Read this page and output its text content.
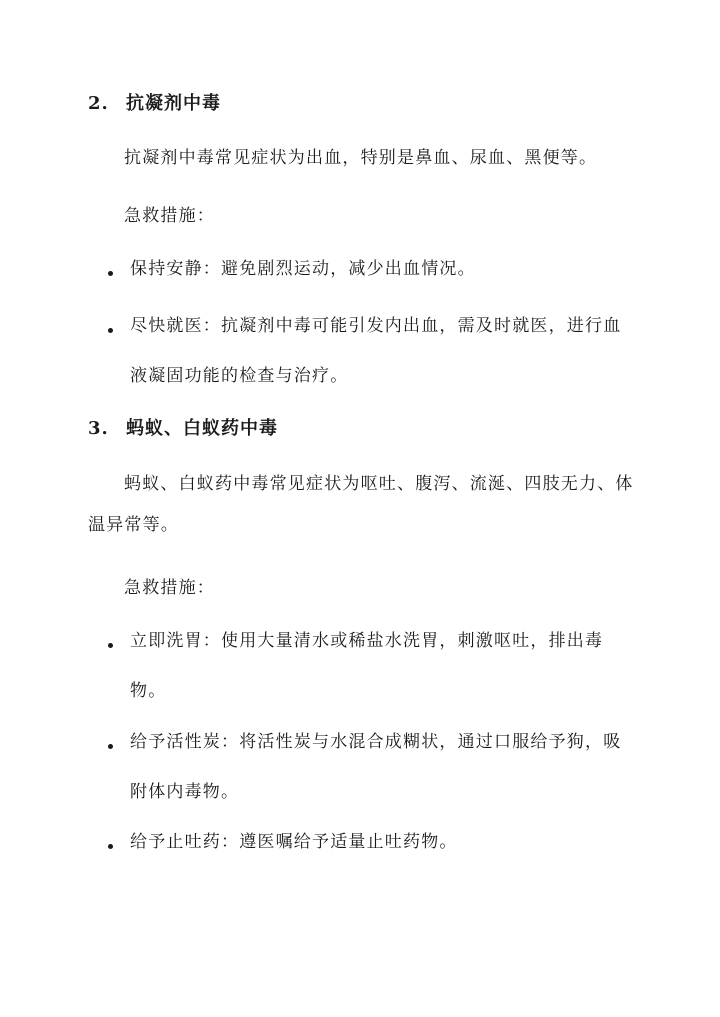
2. 抗凝剂中毒
抗凝剂中毒常见症状为出血，特别是鼻血、尿血、黑便等。
急救措施：
保持安静：避免剧烈运动，减少出血情况。
尽快就医：抗凝剂中毒可能引发内出血，需及时就医，进行血液凝固功能的检查与治疗。
3. 蚂蚁、白蚁药中毒
蚂蚁、白蚁药中毒常见症状为呕吐、腹泻、流涎、四肢无力、体温异常等。
急救措施：
立即洗胃：使用大量清水或稀盐水洗胃，刺激呕吐，排出毒物。
给予活性炭：将活性炭与水混合成糊状，通过口服给予狗，吸附体内毒物。
给予止吐药：遵医嘱给予适量止吐药物。
